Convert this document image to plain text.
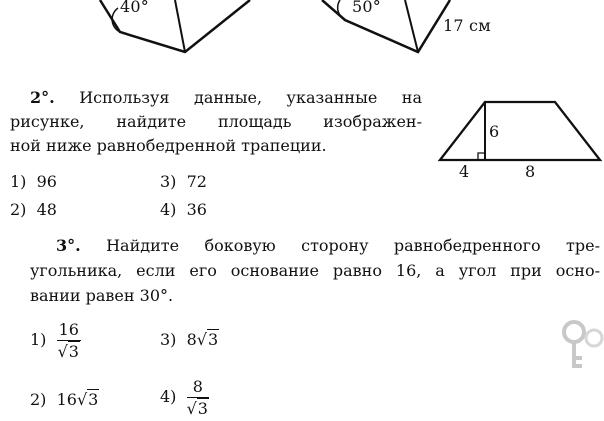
40°	50°
17 см
2°. Используя данные, указанные на
рисунке, найдите площадь изображен-
ной ниже равнобедренной трапеции.
1) 96	3) 72
2) 48	4) 36
6
4	8
3°. Найдите боковую сторону равнобедренного тре-
угольника, если его основание равно 16, а угол при осно-
вании равен 30°.
$1) \frac{16}{√3}$	3) 8√3
2) 16√3	$4) \frac{8}{√3}$
